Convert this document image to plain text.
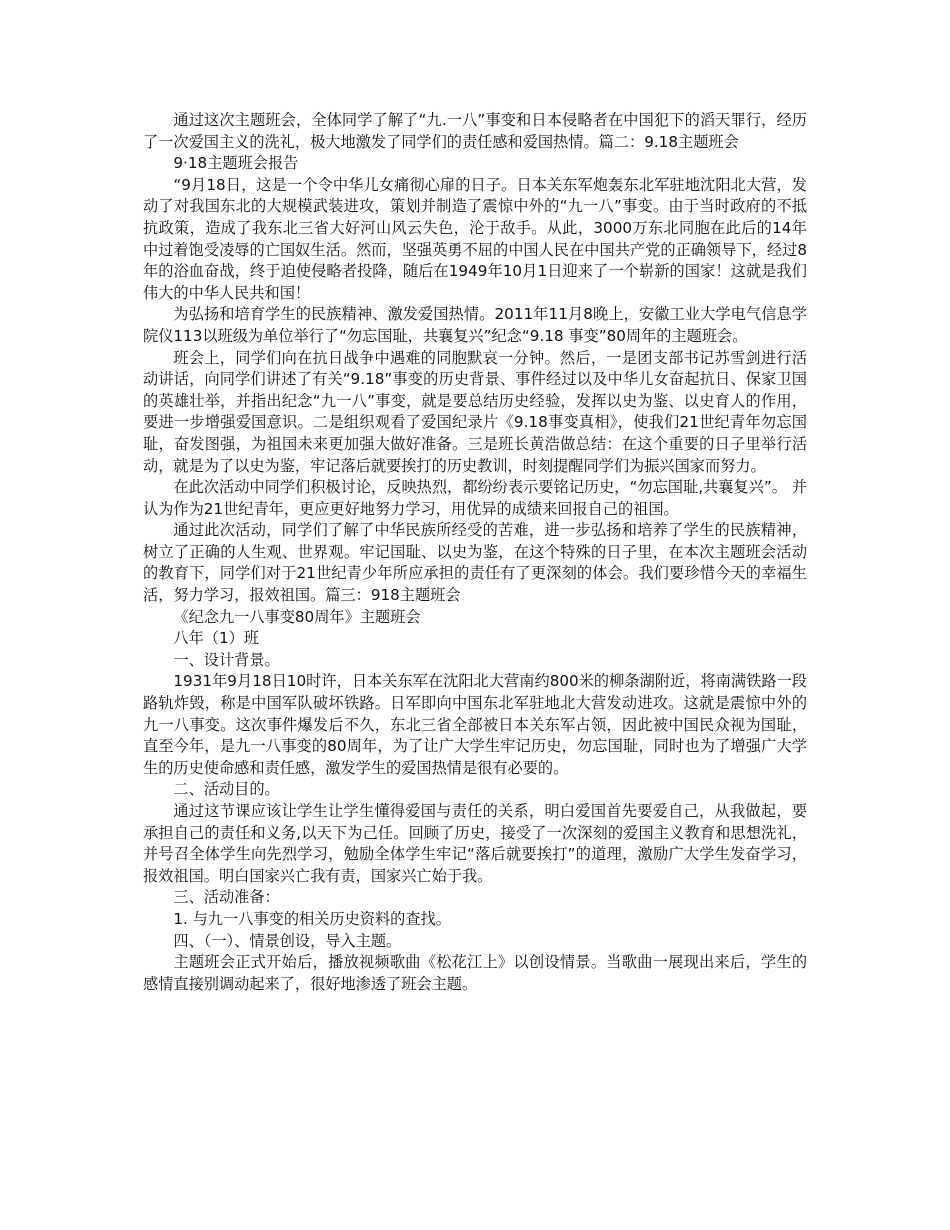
通过这次主题班会，全体同学了解了“九.一八”事变和日本侵略者在中国犯下的滔天罪行，经历了一次爱国主义的洗礼，极大地激发了同学们的责任感和爱国热情。篇二：9.18主题班会

9·18主题班会报告

“9月18日，这是一个令中华儿女痛彻心扉的日子。日本关东军炮轰东北军驻地沈阳北大营，发动了对我国东北的大规模武装进攻，策划并制造了震惊中外的“九一八”事变。由于当时政府的不抵抗政策，造成了我东北三省大好河山风云失色，沦于敌手。从此，3000万东北同胞在此后的14年中过着饱受凌辱的亡国奴生活。然而，坚强英勇不屈的中国人民在中国共产党的正确领导下，经过8年的浴血奋战，终于迫使侵略者投降，随后在1949年10月1日迎来了一个崭新的国家！这就是我们伟大的中华人民共和国！

为弘扬和培育学生的民族精神、激发爱国热情。2011年11月8晚上，安徽工业大学电气信息学院仪113以班级为单位举行了“勿忘国耻，共襄复兴”纪念“9.18 事变”80周年的主题班会。

班会上，同学们向在抗日战争中遇难的同胞默哀一分钟。然后，一是团支部书记苏雪剑进行活动讲话，向同学们讲述了有关“9.18”事变的历史背景、事件经过以及中华儿女奋起抗日、保家卫国的英雄壮举，并指出纪念“九一八”事变，就是要总结历史经验，发挥以史为鉴、以史育人的作用，要进一步增强爱国意识。二是组织观看了爱国纪录片《9.18事变真相》，使我们21世纪青年勿忘国耻，奋发图强，为祖国未来更加强大做好准备。三是班长黄浩做总结：在这个重要的日子里举行活动，就是为了以史为鉴，牢记落后就要挨打的历史教训，时刻提醒同学们为振兴国家而努力。

在此次活动中同学们积极讨论，反映热烈，都纷纷表示要铭记历史，“勿忘国耻,共襄复兴”。 并认为作为21世纪青年，更应更好地努力学习，用优异的成绩来回报自己的祖国。

通过此次活动，同学们了解了中华民族所经受的苦难，进一步弘扬和培养了学生的民族精神，树立了正确的人生观、世界观。牢记国耻、以史为鉴，在这个特殊的日子里，在本次主题班会活动的教育下，同学们对于21世纪青少年所应承担的责任有了更深刻的体会。我们要珍惜今天的幸福生活，努力学习，报效祖国。篇三：918主题班会

《纪念九一八事变80周年》主题班会

八年（1）班

一、设计背景。

1931年9月18日10时许，日本关东军在沈阳北大营南约800米的柳条湖附近，将南满铁路一段路轨炸毁，称是中国军队破坏铁路。日军即向中国东北军驻地北大营发动进攻。这就是震惊中外的九一八事变。这次事件爆发后不久，东北三省全部被日本关东军占领，因此被中国民众视为国耻，直至今年，是九一八事变的80周年，为了让广大学生牢记历史，勿忘国耻，同时也为了增强广大学生的历史使命感和责任感，激发学生的爱国热情是很有必要的。

二、活动目的。

通过这节课应该让学生让学生懂得爱国与责任的关系，明白爱国首先要爱自己，从我做起，要承担自己的责任和义务,以天下为己任。回顾了历史，接受了一次深刻的爱国主义教育和思想洗礼，并号召全体学生向先烈学习，勉励全体学生牢记“落后就要挨打”的道理，激励广大学生发奋学习，报效祖国。明白国家兴亡我有责，国家兴亡始于我。

三、活动准备：

1. 与九一八事变的相关历史资料的查找。

四、（一）、情景创设，导入主题。

主题班会正式开始后，播放视频歌曲《松花江上》以创设情景。当歌曲一展现出来后，学生的感情直接别调动起来了，很好地渗透了班会主题。
